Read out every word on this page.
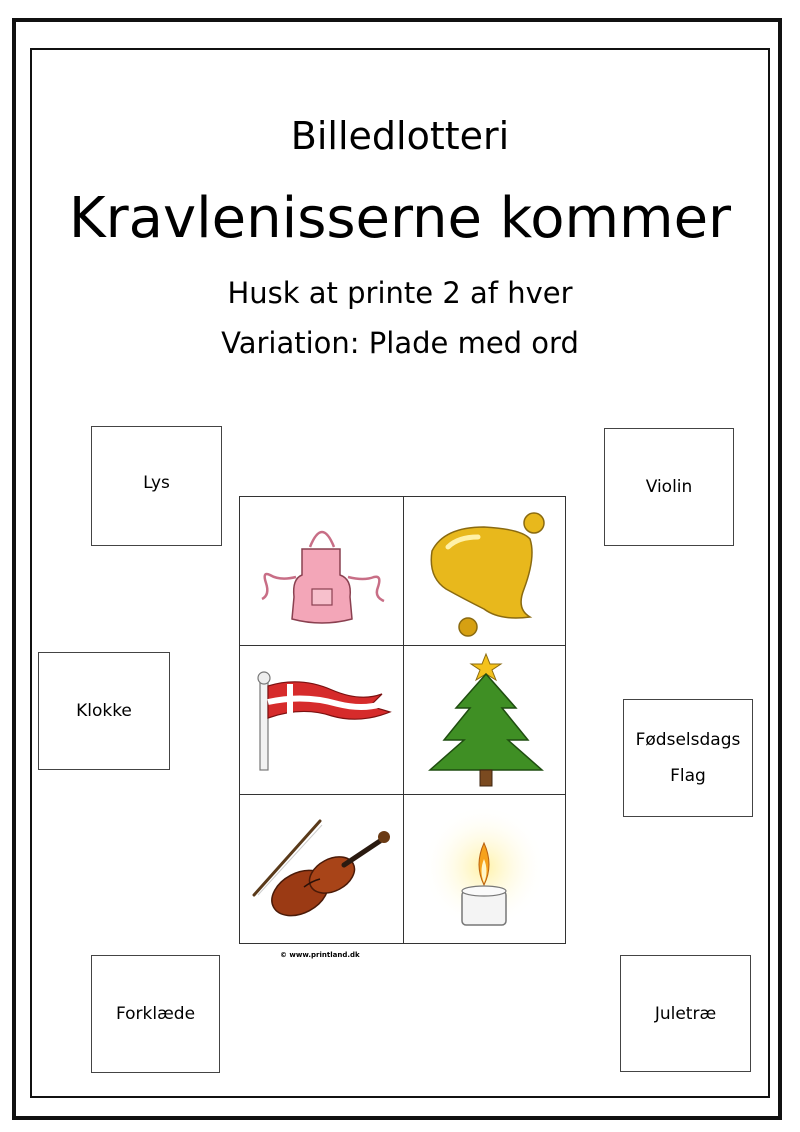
Billedlotteri
Kravlenisserne kommer
Husk at printe 2 af hver
Variation: Plade med ord
Lys	Violin
Klokke
Fødselsdags
Flag
Forklæde	Juletræ
© www.printland.dk
